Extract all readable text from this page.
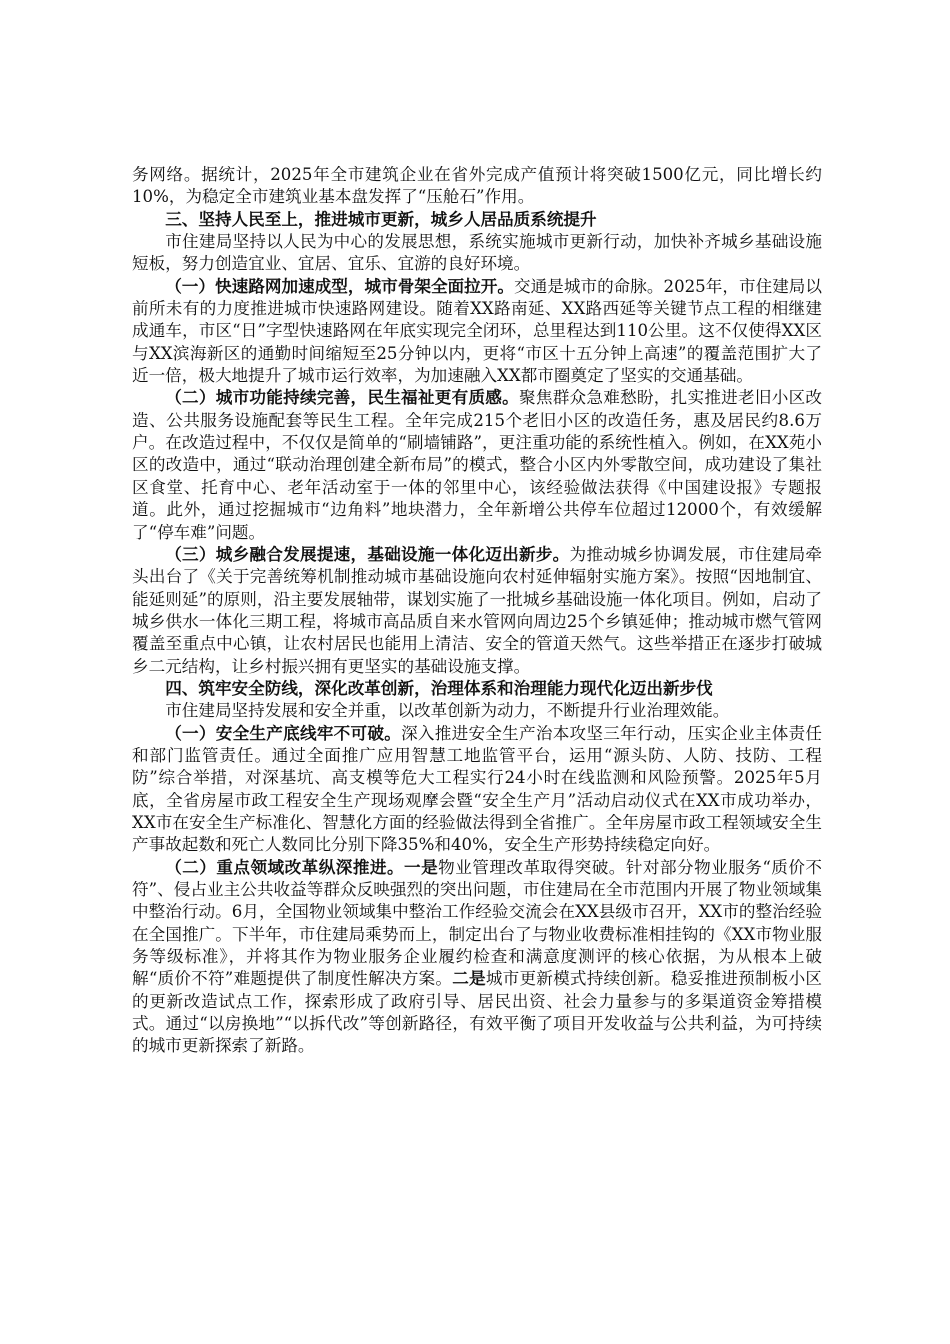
务网络。据统计，2025年全市建筑企业在省外完成产值预计将突破1500亿元，同比增长约10%，为稳定全市建筑业基本盘发挥了“压舱石”作用。

三、坚持人民至上，推进城市更新，城乡人居品质系统提升

市住建局坚持以人民为中心的发展思想，系统实施城市更新行动，加快补齐城乡基础设施短板，努力创造宜业、宜居、宜乐、宜游的良好环境。

（一）快速路网加速成型，城市骨架全面拉开。交通是城市的命脉。2025年，市住建局以前所未有的力度推进城市快速路网建设。随着XX路南延、XX路西延等关键节点工程的相继建成通车，市区“日”字型快速路网在年底实现完全闭环，总里程达到110公里。这不仅使得XX区与XX滨海新区的通勤时间缩短至25分钟以内，更将“市区十五分钟上高速”的覆盖范围扩大了近一倍，极大地提升了城市运行效率，为加速融入XX都市圈奠定了坚实的交通基础。

（二）城市功能持续完善，民生福祉更有质感。聚焦群众急难愁盼，扎实推进老旧小区改造、公共服务设施配套等民生工程。全年完成215个老旧小区的改造任务，惠及居民约8.6万户。在改造过程中，不仅仅是简单的“刷墙铺路”，更注重功能的系统性植入。例如，在XX苑小区的改造中，通过“联动治理创建全新布局”的模式，整合小区内外零散空间，成功建设了集社区食堂、托育中心、老年活动室于一体的邻里中心，该经验做法获得《中国建设报》专题报道。此外，通过挖掘城市“边角料”地块潜力，全年新增公共停车位超过12000个，有效缓解了“停车难”问题。

（三）城乡融合发展提速，基础设施一体化迈出新步。为推动城乡协调发展，市住建局牵头出台了《关于完善统筹机制推动城市基础设施向农村延伸辐射实施方案》。按照“因地制宜、能延则延”的原则，沿主要发展轴带，谋划实施了一批城乡基础设施一体化项目。例如，启动了城乡供水一体化三期工程，将城市高品质自来水管网向周边25个乡镇延伸；推动城市燃气管网覆盖至重点中心镇，让农村居民也能用上清洁、安全的管道天然气。这些举措正在逐步打破城乡二元结构，让乡村振兴拥有更坚实的基础设施支撑。

四、筑牢安全防线，深化改革创新，治理体系和治理能力现代化迈出新步伐

市住建局坚持发展和安全并重，以改革创新为动力，不断提升行业治理效能。

（一）安全生产底线牢不可破。深入推进安全生产治本攻坚三年行动，压实企业主体责任和部门监管责任。通过全面推广应用智慧工地监管平台，运用“源头防、人防、技防、工程防”综合举措，对深基坑、高支模等危大工程实行24小时在线监测和风险预警。2025年5月底，全省房屋市政工程安全生产现场观摩会暨“安全生产月”活动启动仪式在XX市成功举办，XX市在安全生产标准化、智慧化方面的经验做法得到全省推广。全年房屋市政工程领域安全生产事故起数和死亡人数同比分别下降35%和40%，安全生产形势持续稳定向好。

（二）重点领域改革纵深推进。一是物业管理改革取得突破。针对部分物业服务“质价不符”、侵占业主公共收益等群众反映强烈的突出问题，市住建局在全市范围内开展了物业领域集中整治行动。6月，全国物业领域集中整治工作经验交流会在XX县级市召开，XX市的整治经验在全国推广。下半年，市住建局乘势而上，制定出台了与物业收费标准相挂钩的《XX市物业服务等级标准》，并将其作为物业服务企业履约检查和满意度测评的核心依据，为从根本上破解“质价不符”难题提供了制度性解决方案。二是城市更新模式持续创新。稳妥推进预制板小区的更新改造试点工作，探索形成了政府引导、居民出资、社会力量参与的多渠道资金筹措模式。通过“以房换地”“以拆代改”等创新路径，有效平衡了项目开发收益与公共利益，为可持续的城市更新探索了新路。
